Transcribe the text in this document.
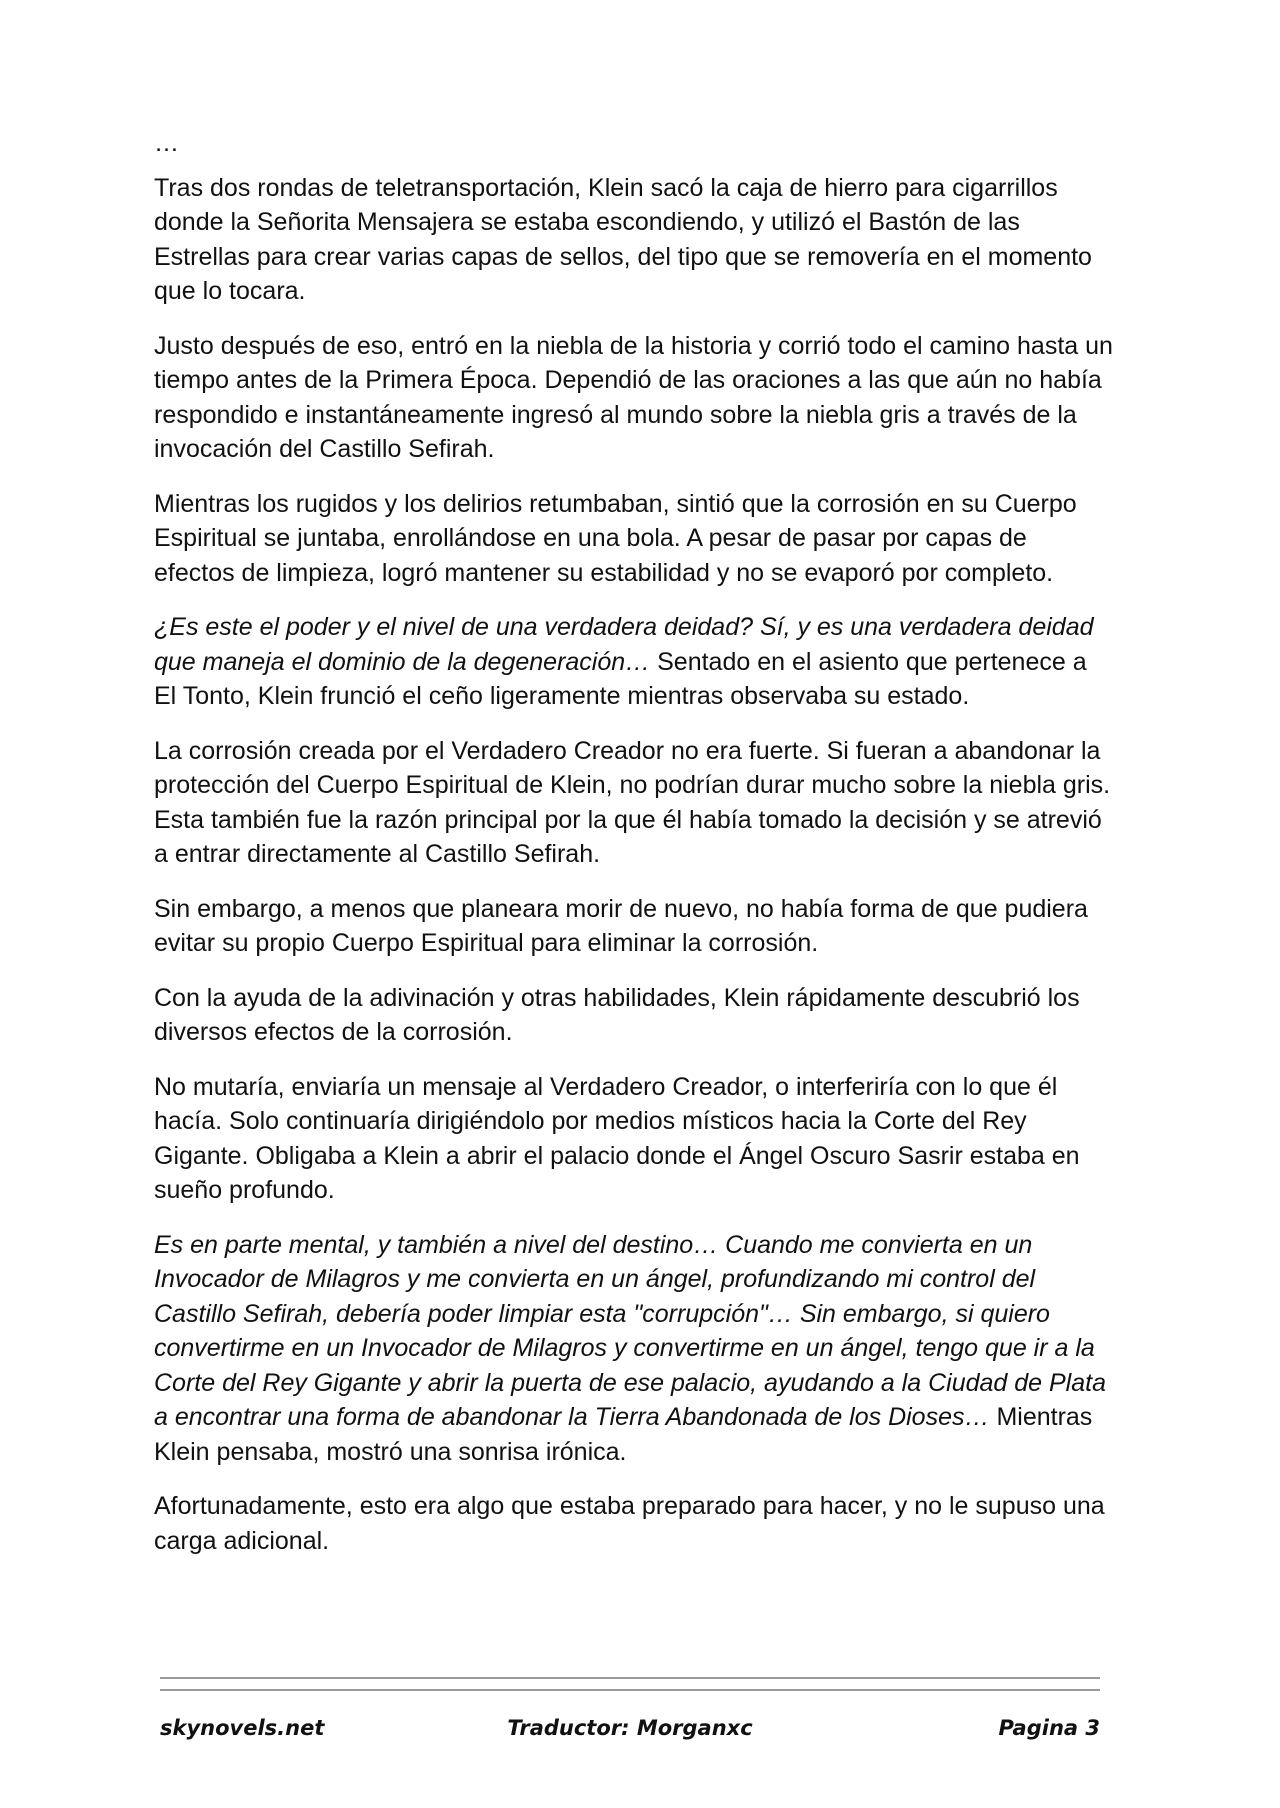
…

Tras dos rondas de teletransportación, Klein sacó la caja de hierro para cigarrillos donde la Señorita Mensajera se estaba escondiendo, y utilizó el Bastón de las Estrellas para crear varias capas de sellos, del tipo que se removería en el momento que lo tocara.

Justo después de eso, entró en la niebla de la historia y corrió todo el camino hasta un tiempo antes de la Primera Época. Dependió de las oraciones a las que aún no había respondido e instantáneamente ingresó al mundo sobre la niebla gris a través de la invocación del Castillo Sefirah.

Mientras los rugidos y los delirios retumbaban, sintió que la corrosión en su Cuerpo Espiritual se juntaba, enrollándose en una bola. A pesar de pasar por capas de efectos de limpieza, logró mantener su estabilidad y no se evaporó por completo.

¿Es este el poder y el nivel de una verdadera deidad? Sí, y es una verdadera deidad que maneja el dominio de la degeneración… Sentado en el asiento que pertenece a El Tonto, Klein frunció el ceño ligeramente mientras observaba su estado.

La corrosión creada por el Verdadero Creador no era fuerte. Si fueran a abandonar la protección del Cuerpo Espiritual de Klein, no podrían durar mucho sobre la niebla gris. Esta también fue la razón principal por la que él había tomado la decisión y se atrevió a entrar directamente al Castillo Sefirah.

Sin embargo, a menos que planeara morir de nuevo, no había forma de que pudiera evitar su propio Cuerpo Espiritual para eliminar la corrosión.

Con la ayuda de la adivinación y otras habilidades, Klein rápidamente descubrió los diversos efectos de la corrosión.

No mutaría, enviaría un mensaje al Verdadero Creador, o interferiría con lo que él hacía. Solo continuaría dirigiéndolo por medios místicos hacia la Corte del Rey Gigante. Obligaba a Klein a abrir el palacio donde el Ángel Oscuro Sasrir estaba en sueño profundo.

Es en parte mental, y también a nivel del destino… Cuando me convierta en un Invocador de Milagros y me convierta en un ángel, profundizando mi control del Castillo Sefirah, debería poder limpiar esta "corrupción"… Sin embargo, si quiero convertirme en un Invocador de Milagros y convertirme en un ángel, tengo que ir a la Corte del Rey Gigante y abrir la puerta de ese palacio, ayudando a la Ciudad de Plata a encontrar una forma de abandonar la Tierra Abandonada de los Dioses… Mientras Klein pensaba, mostró una sonrisa irónica.

Afortunadamente, esto era algo que estaba preparado para hacer, y no le supuso una carga adicional.

skynovels.net	Traductor: Morganxc	Pagina 3
